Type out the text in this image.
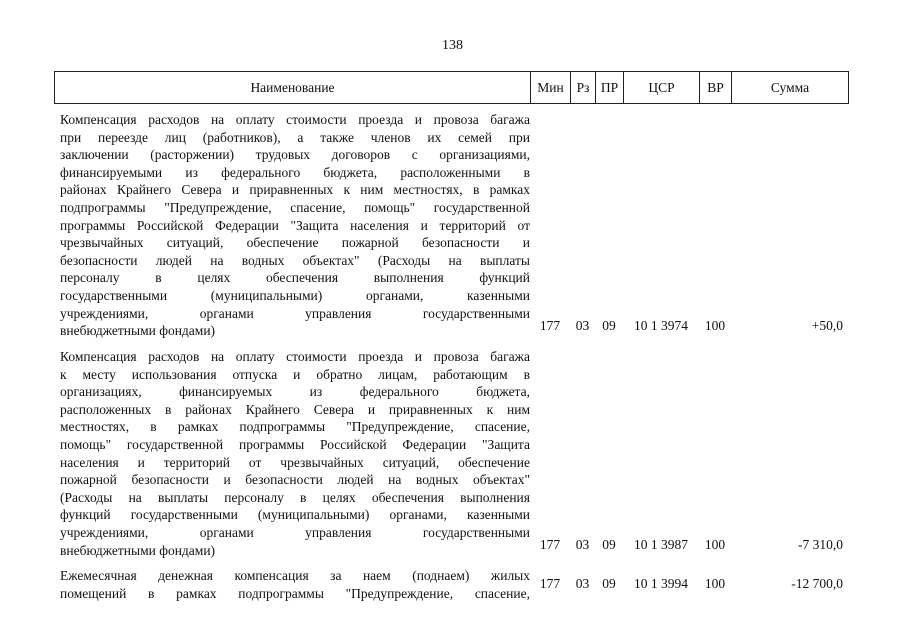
138
Наименование	Мин Рз ПР	ЦСР	ВР	Сумма
Компенсация расходов на оплату стоимости проезда и провоза багажа
при переезде лиц (работников), а также членов их семей при
заключении (расторжении) трудовых договоров с организациями,
финансируемыми из федерального бюджета, расположенными в
районах Крайнего Севера и приравненных к ним местностях, в рамках
подпрограммы "Предупреждение, спасение, помощь" государственной
программы Российской Федерации "Защита населения и территорий от
чрезвычайных ситуаций, обеспечение пожарной безопасности и
безопасности людей на водных объектах" (Расходы на выплаты
персоналу в целях обеспечения выполнения функций
государственными (муниципальными) органами, казенными
учреждениями, органами управления государственными
внебюджетными фондами)	177	03 09	10 1 3974	100	+50,0
Компенсация расходов на оплату стоимости проезда и провоза багажа
к месту использования отпуска и обратно лицам, работающим в
организациях, финансируемых из федерального бюджета,
расположенных в районах Крайнего Севера и приравненных к ним
местностях, в рамках подпрограммы "Предупреждение, спасение,
помощь" государственной программы Российской Федерации "Защита
населения и территорий от чрезвычайных ситуаций, обеспечение
пожарной безопасности и безопасности людей на водных объектах"
(Расходы на выплаты персоналу в целях обеспечения выполнения
функций государственными (муниципальными) органами, казенными
учреждениями, органами управления государственными
внебюджетными фондами)	177	03 09	10 1 3987	100	-7 310,0
Ежемесячная денежная компенсация за наем (поднаем) жилых
помещений в рамках подпрограммы "Предупреждение, спасение,
177	03 09	10 1 3994	100	-12 700,0
